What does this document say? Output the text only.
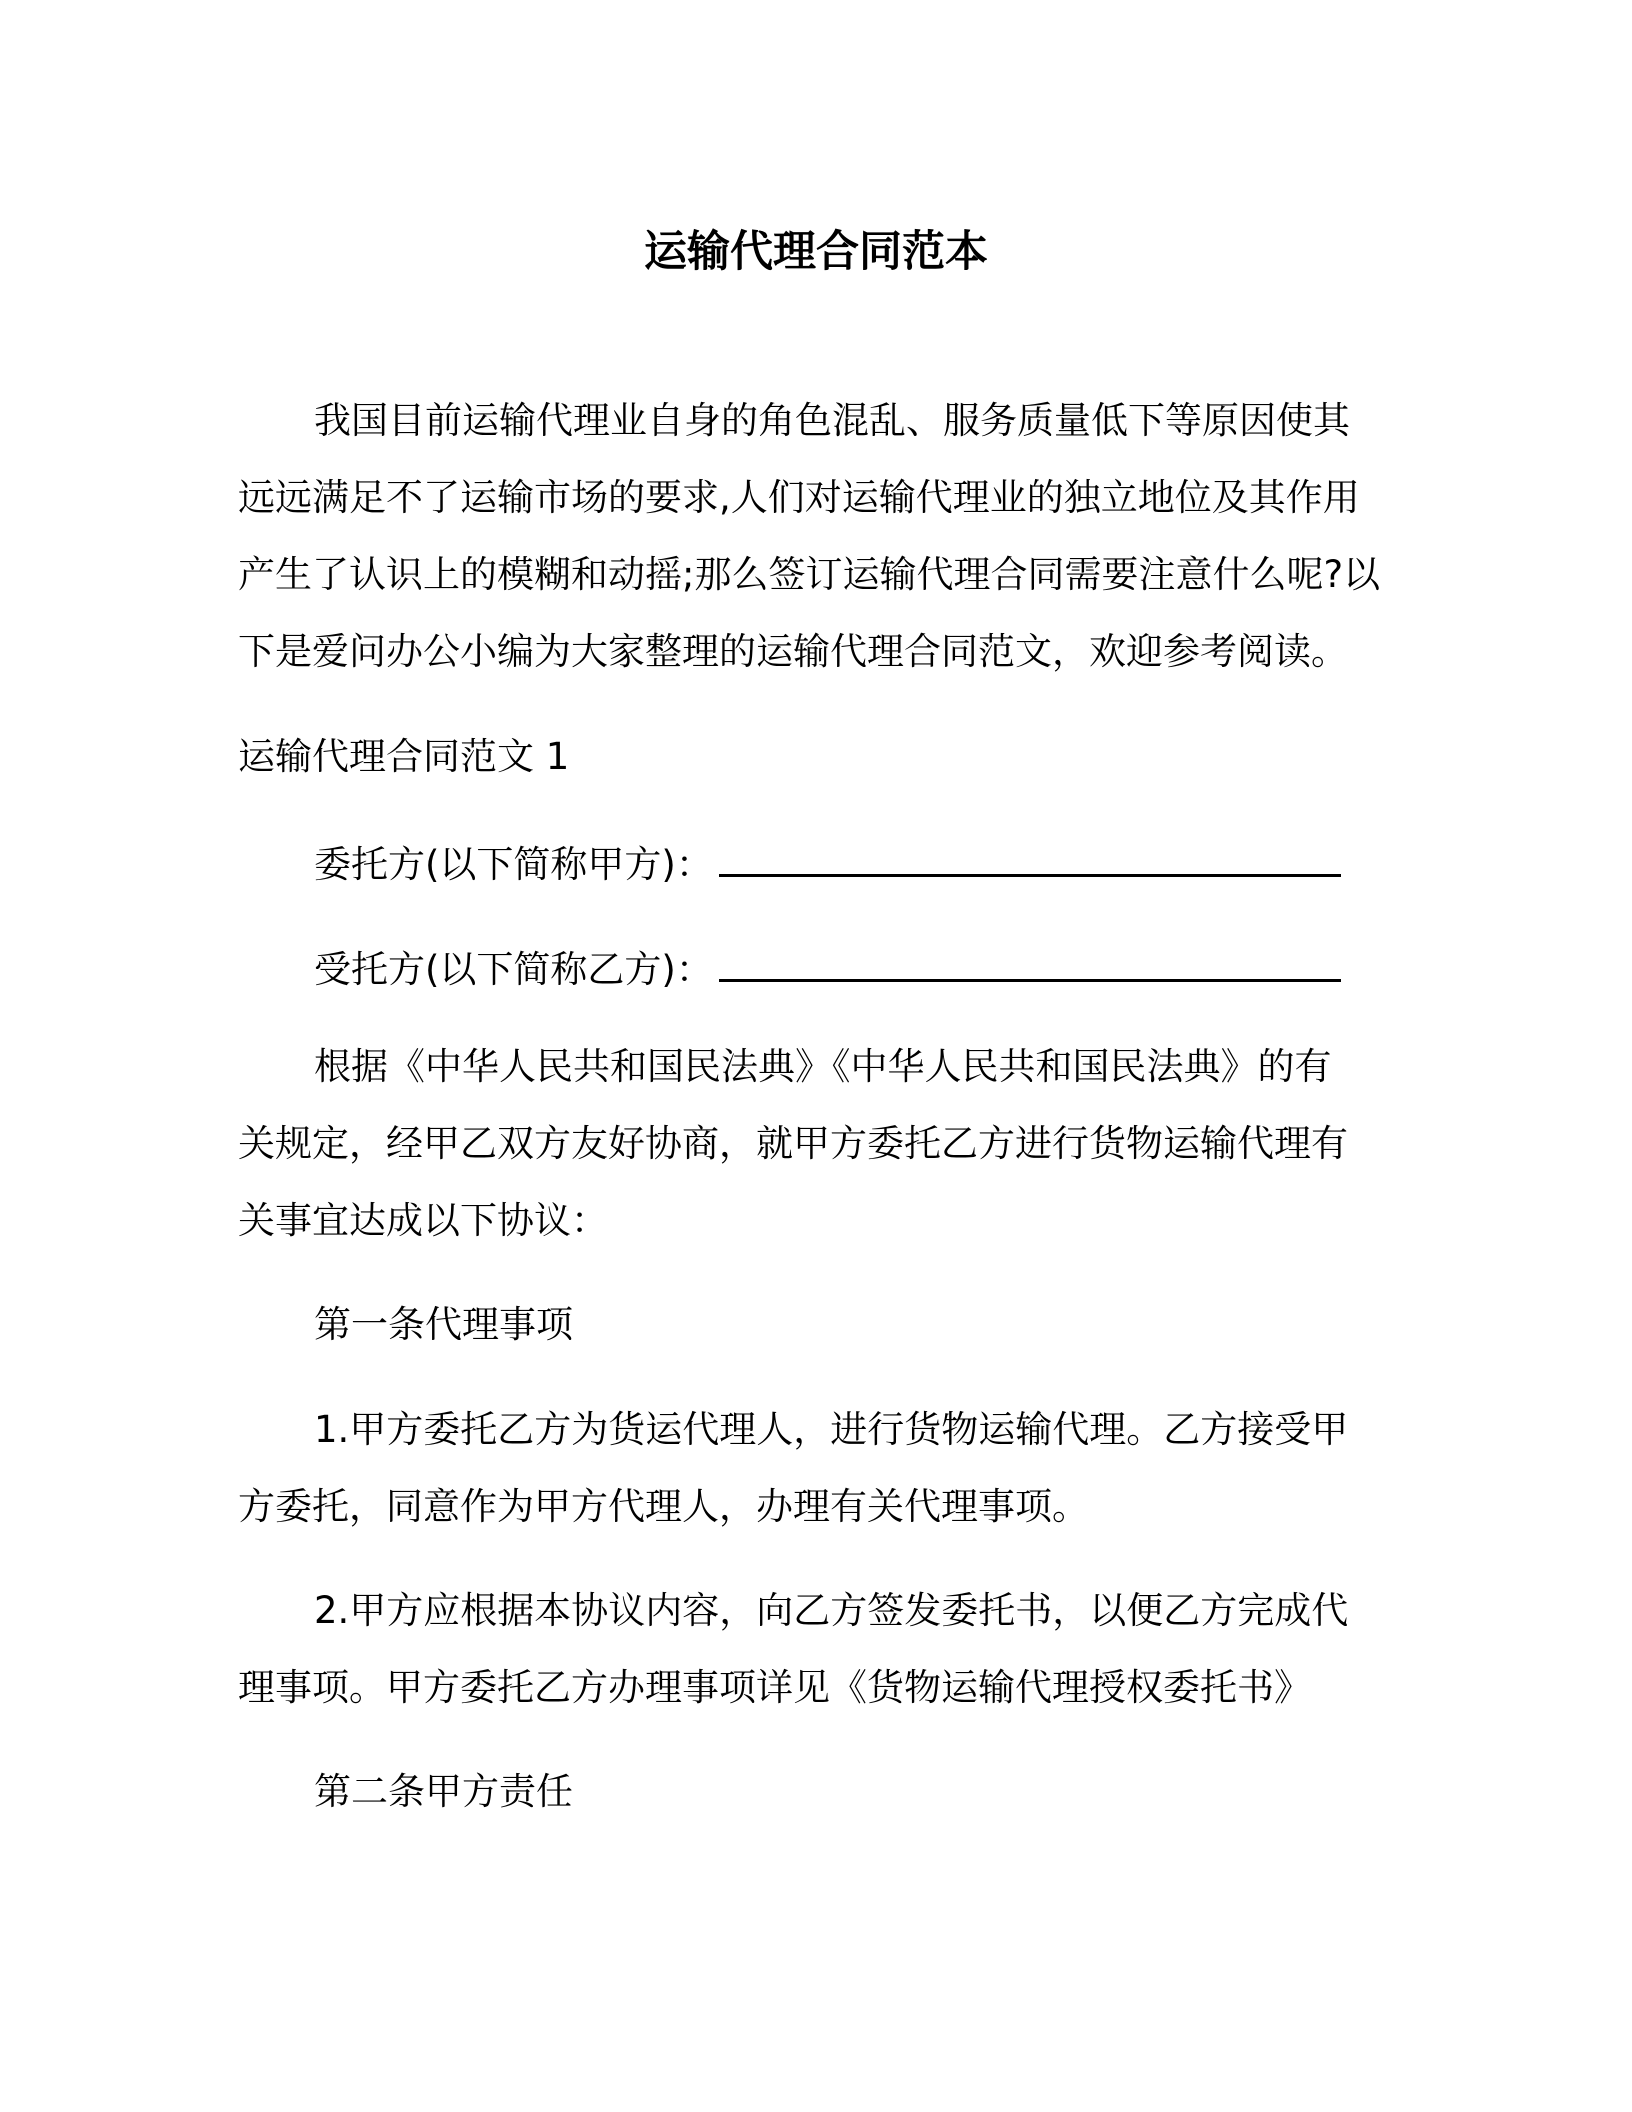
运输代理合同范本
我国目前运输代理业自身的角色混乱、服务质量低下等原因使其
远远满足不了运输市场的要求,人们对运输代理业的独立地位及其作用
产生了认识上的模糊和动摇;那么签订运输代理合同需要注意什么呢?以
下是爱问办公小编为大家整理的运输代理合同范文，欢迎参考阅读。
运输代理合同范文 1
委托方(以下简称甲方)：
受托方(以下简称乙方)：
根据《中华人民共和国民法典》《中华人民共和国民法典》的有
关规定，经甲乙双方友好协商，就甲方委托乙方进行货物运输代理有
关事宜达成以下协议：
第一条代理事项
1.甲方委托乙方为货运代理人，进行货物运输代理。乙方接受甲
方委托，同意作为甲方代理人，办理有关代理事项。
2.甲方应根据本协议内容，向乙方签发委托书，以便乙方完成代
理事项。甲方委托乙方办理事项详见《货物运输代理授权委托书》
第二条甲方责任
